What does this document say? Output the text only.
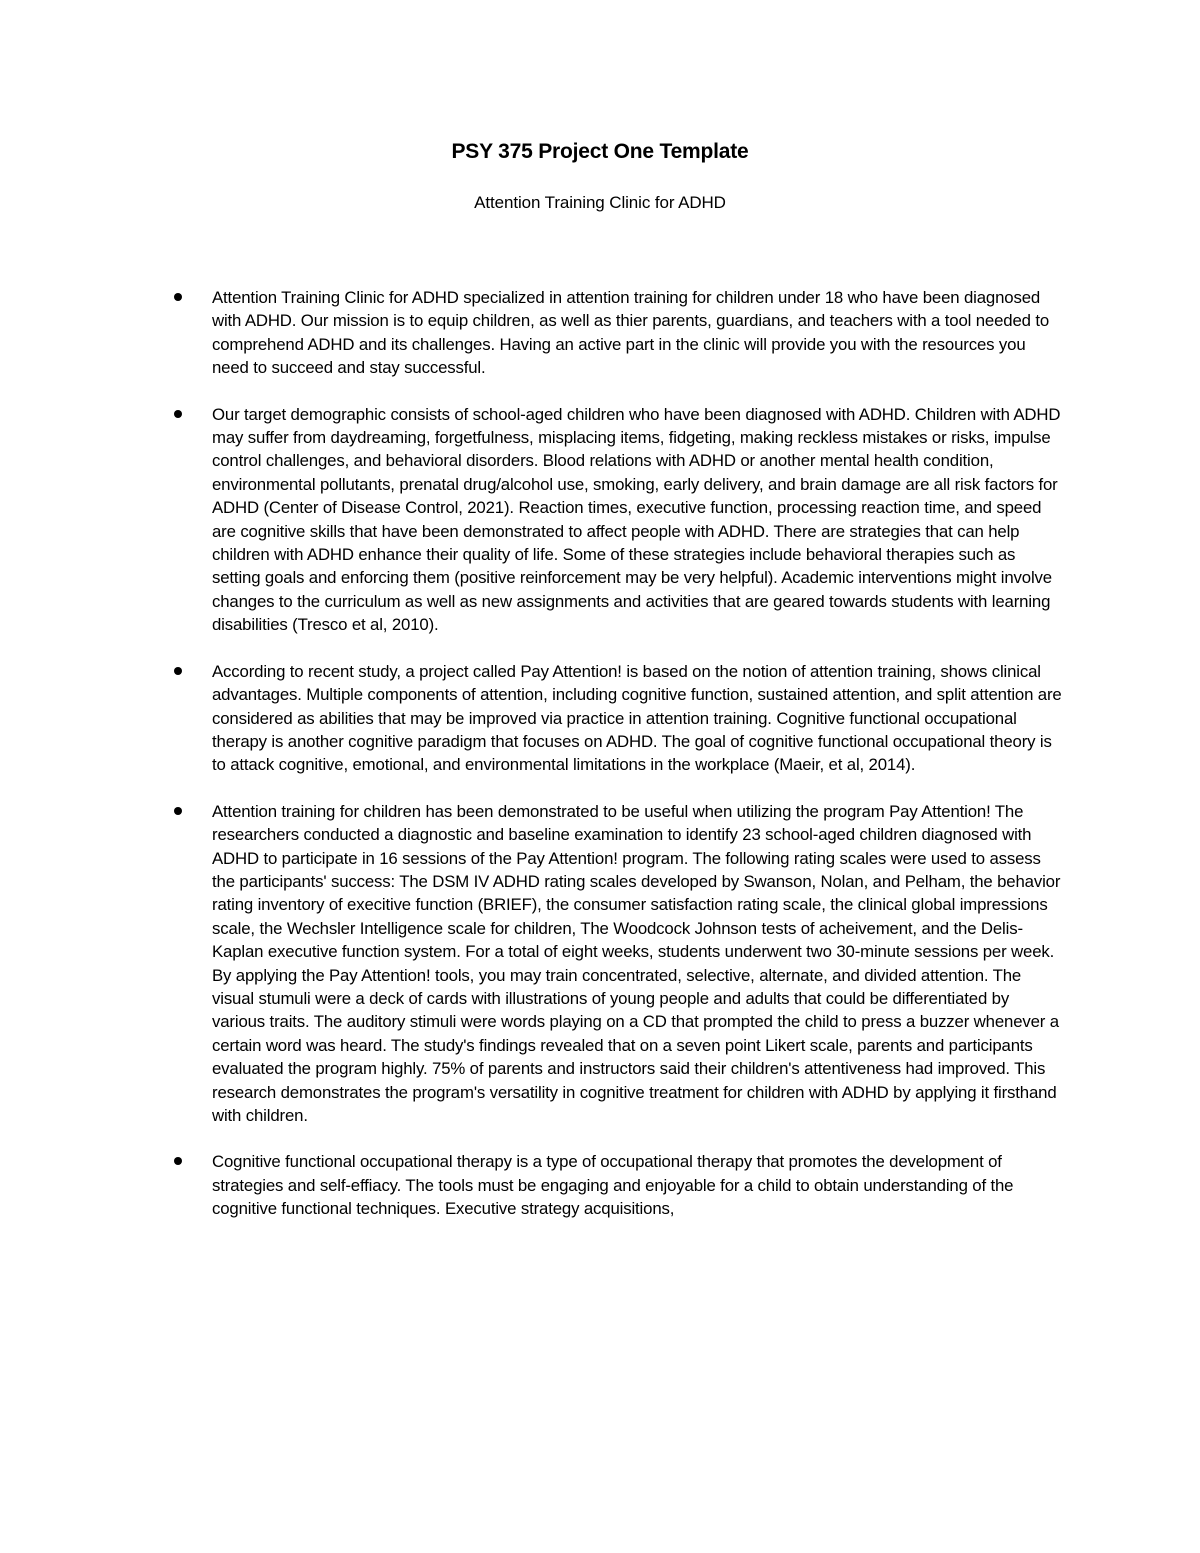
PSY 375 Project One Template
Attention Training Clinic for ADHD
Attention Training Clinic for ADHD specialized in attention training for children under 18 who have been diagnosed with ADHD. Our mission is to equip children, as well as thier parents, guardians, and teachers with a tool needed to comprehend ADHD and its challenges. Having an active part in the clinic will provide you with the resources you need to succeed and stay successful.
Our target demographic consists of school-aged children who have been diagnosed with ADHD. Children with ADHD may suffer from daydreaming, forgetfulness, misplacing items, fidgeting, making reckless mistakes or risks, impulse control challenges, and behavioral disorders. Blood relations with ADHD or another mental health condition, environmental pollutants, prenatal drug/alcohol use, smoking, early delivery, and brain damage are all risk factors for ADHD (Center of Disease Control, 2021). Reaction times, executive function, processing reaction time, and speed are cognitive skills that have been demonstrated to affect people with ADHD. There are strategies that can help children with ADHD enhance their quality of life. Some of these strategies include behavioral therapies such as setting goals and enforcing them (positive reinforcement may be very helpful). Academic interventions might involve changes to the curriculum as well as new assignments and activities that are geared towards students with learning disabilities (Tresco et al, 2010).
According to recent study, a project called Pay Attention! is based on the notion of attention training, shows clinical advantages. Multiple components of attention, including cognitive function, sustained attention, and split attention are considered as abilities that may be improved via practice in attention training. Cognitive functional occupational therapy is another cognitive paradigm that focuses on ADHD. The goal of cognitive functional occupational theory is to attack cognitive, emotional, and environmental limitations in the workplace (Maeir, et al, 2014).
Attention training for children has been demonstrated to be useful when utilizing the program Pay Attention! The researchers conducted a diagnostic and baseline examination to identify 23 school-aged children diagnosed with ADHD to participate in 16 sessions of the Pay Attention! program. The following rating scales were used to assess the participants' success: The DSM IV ADHD rating scales developed by Swanson, Nolan, and Pelham, the behavior rating inventory of execitive function (BRIEF), the consumer satisfaction rating scale, the clinical global impressions scale, the Wechsler Intelligence scale for children, The Woodcock Johnson tests of acheivement, and the Delis-Kaplan executive function system. For a total of eight weeks, students underwent two 30-minute sessions per week. By applying the Pay Attention! tools, you may train concentrated, selective, alternate, and divided attention. The visual stumuli were a deck of cards with illustrations of young people and adults that could be differentiated by various traits. The auditory stimuli were words playing on a CD that prompted the child to press a buzzer whenever a certain word was heard. The study's findings revealed that on a seven point Likert scale, parents and participants evaluated the program highly. 75% of parents and instructors said their children's attentiveness had improved. This research demonstrates the program's versatility in cognitive treatment for children with ADHD by applying it firsthand with children.
Cognitive functional occupational therapy is a type of occupational therapy that promotes the development of strategies and self-effiacy. The tools must be engaging and enjoyable for a child to obtain understanding of the cognitive functional techniques. Executive strategy acquisitions,
